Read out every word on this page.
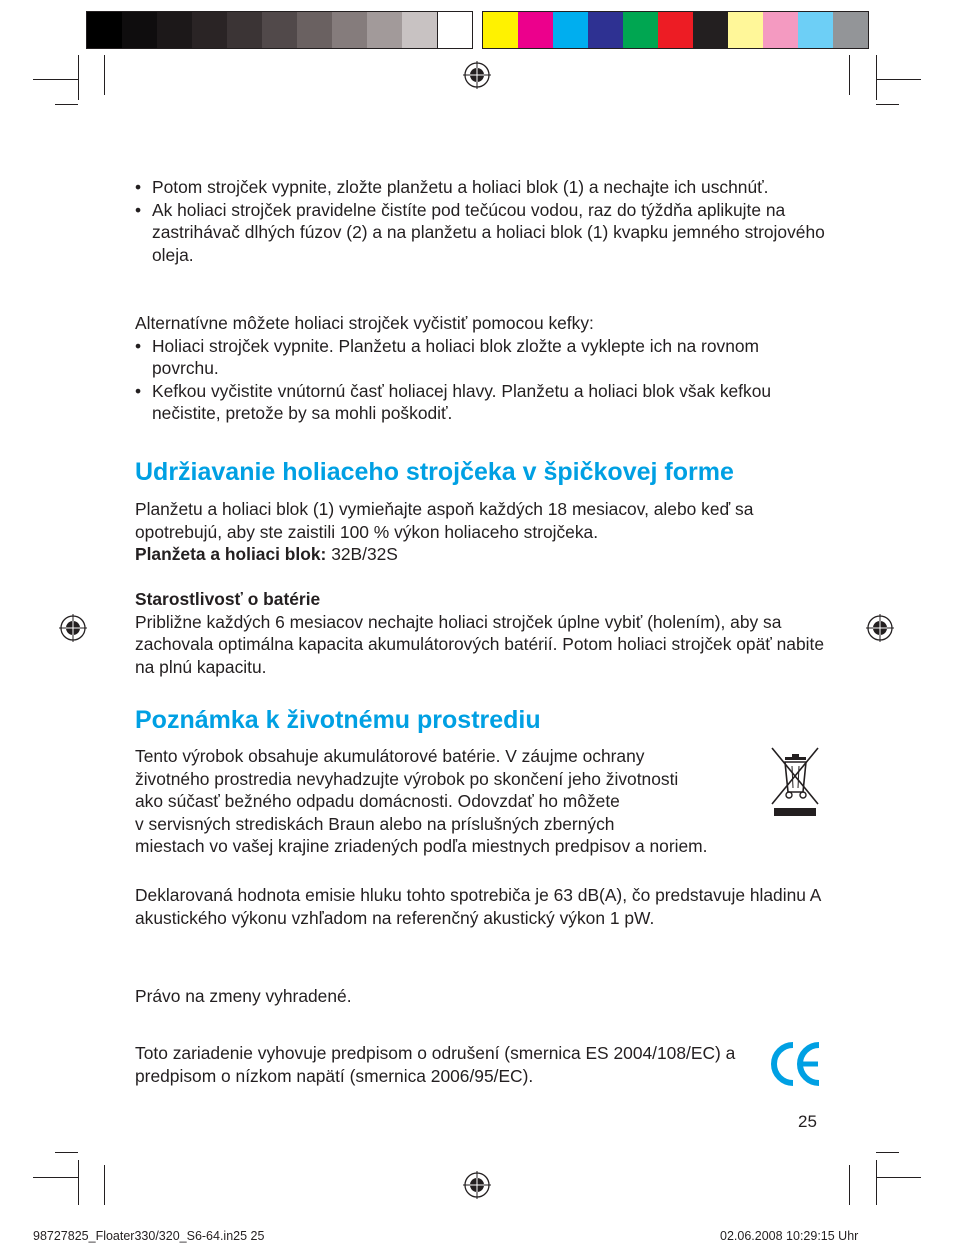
• Potom strojček vypnite, zložte planžetu a holiaci blok (1) a nechajte ich uschnúť.
• Ak holiaci strojček pravidelne čistíte pod tečúcou vodou, raz do týždňa aplikujte na zastrihávač dlhých fúzov (2) a na planžetu a holiaci blok (1) kvapku jemného strojového oleja.
Alternatívne môžete holiaci strojček vyčistiť pomocou kefky:
• Holiaci strojček vypnite. Planžetu a holiaci blok zložte a vyklepte ich na rovnom povrchu.
• Kefkou vyčistite vnútornú časť holiacej hlavy. Planžetu a holiaci blok však kefkou nečistite, pretože by sa mohli poškodiť.
Udržiavanie holiaceho strojčeka v špičkovej forme
Planžetu a holiaci blok (1) vymieňajte aspoň každých 18 mesiacov, alebo keď sa opotrebujú, aby ste zaistili 100 % výkon holiaceho strojčeka.
Planžeta a holiaci blok: 32B/32S
Starostlivosť o batérie
Približne každých 6 mesiacov nechajte holiaci strojček úplne vybiť (holením), aby sa zachovala optimálna kapacita akumulátorových batérií. Potom holiaci strojček opäť nabite na plnú kapacitu.
Poznámka k životnému prostrediu
Tento výrobok obsahuje akumulátorové batérie. V záujme ochrany
životného prostredia nevyhadzujte výrobok po skončení jeho životnosti
ako súčasť bežného odpadu domácnosti. Odovzdať ho môžete
v servisných strediskách Braun alebo na príslušných zberných
miestach vo vašej krajine zriadených podľa miestnych predpisov a noriem.
Deklarovaná hodnota emisie hluku tohto spotrebiča je 63 dB(A), čo predstavuje hladinu A akustického výkonu vzhľadom na referenčný akustický výkon 1 pW.
Právo na zmeny vyhradené.
Toto zariadenie vyhovuje predpisom o odrušení (smernica ES 2004/108/EC) a predpisom o nízkom napätí (smernica 2006/95/EC).
25
98727825_Floater330/320_S6-64.in25 25	02.06.2008 10:29:15 Uhr
